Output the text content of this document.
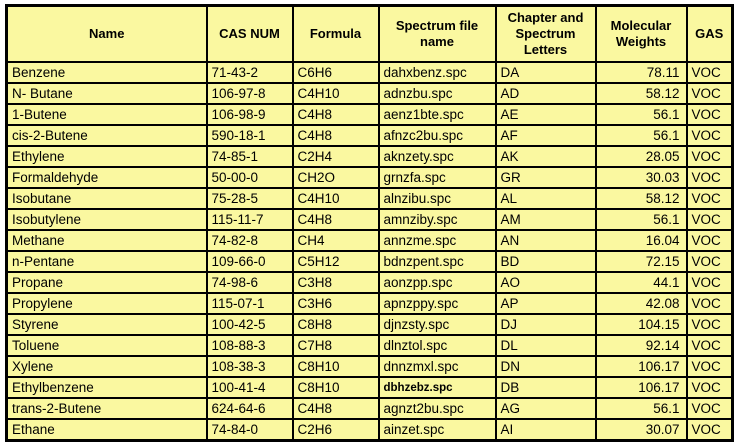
Name	CAS NUM	Formula	Spectrum file name	Chapter and Spectrum Letters	Molecular Weights	GAS
Benzene	71-43-2	C6H6	dahxbenz.spc	DA	78.11	VOC
N- Butane	106-97-8	C4H10	adnzbu.spc	AD	58.12	VOC
1-Butene	106-98-9	C4H8	aenz1bte.spc	AE	56.1	VOC
cis-2-Butene	590-18-1	C4H8	afnzc2bu.spc	AF	56.1	VOC
Ethylene	74-85-1	C2H4	aknzety.spc	AK	28.05	VOC
Formaldehyde	50-00-0	CH2O	grnzfa.spc	GR	30.03	VOC
Isobutane	75-28-5	C4H10	alnzibu.spc	AL	58.12	VOC
Isobutylene	115-11-7	C4H8	amnziby.spc	AM	56.1	VOC
Methane	74-82-8	CH4	annzme.spc	AN	16.04	VOC
n-Pentane	109-66-0	C5H12	bdnzpent.spc	BD	72.15	VOC
Propane	74-98-6	C3H8	aonzpp.spc	AO	44.1	VOC
Propylene	115-07-1	C3H6	apnzppy.spc	AP	42.08	VOC
Styrene	100-42-5	C8H8	djnzsty.spc	DJ	104.15	VOC
Toluene	108-88-3	C7H8	dlnztol.spc	DL	92.14	VOC
Xylene	108-38-3	C8H10	dnnzmxl.spc	DN	106.17	VOC
Ethylbenzene	100-41-4	C8H10	dbhzebz.spc	DB	106.17	VOC
trans-2-Butene	624-64-6	C4H8	agnzt2bu.spc	AG	56.1	VOC
Ethane	74-84-0	C2H6	ainzet.spc	AI	30.07	VOC
